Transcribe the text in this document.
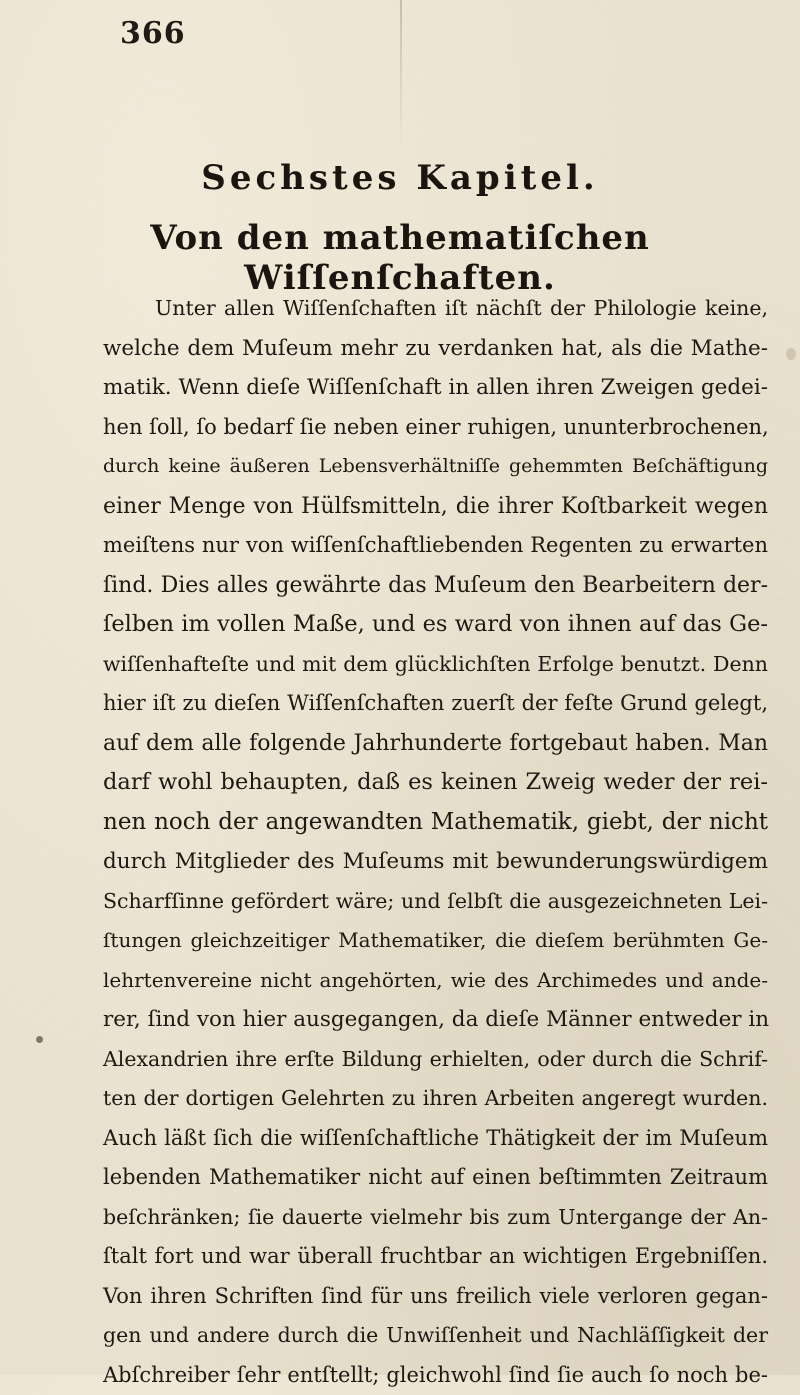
366
Sechstes Kapitel.
Von den mathematiſchen Wiſſenſchaften.
Unter allen Wiſſenſchaften iſt nächſt der Philologie keine,
welche dem Muſeum mehr zu verdanken hat, als die Mathe-
matik. Wenn dieſe Wiſſenſchaft in allen ihren Zweigen gedei-
hen ſoll, ſo bedarf ſie neben einer ruhigen, ununterbrochenen,
durch keine äußeren Lebensverhältniſſe gehemmten Beſchäftigung
einer Menge von Hülfsmitteln, die ihrer Koſtbarkeit wegen
meiſtens nur von wiſſenſchaftliebenden Regenten zu erwarten
ſind. Dies alles gewährte das Muſeum den Bearbeitern der-
ſelben im vollen Maße, und es ward von ihnen auf das Ge-
wiſſenhafteſte und mit dem glücklichſten Erfolge benutzt. Denn
hier iſt zu dieſen Wiſſenſchaften zuerſt der feſte Grund gelegt,
auf dem alle folgende Jahrhunderte fortgebaut haben. Man
darf wohl behaupten, daß es keinen Zweig weder der rei-
nen noch der angewandten Mathematik, giebt, der nicht
durch Mitglieder des Muſeums mit bewunderungswürdigem
Scharfſinne gefördert wäre; und ſelbſt die ausgezeichneten Lei-
ſtungen gleichzeitiger Mathematiker, die dieſem berühmten Ge-
lehrtenvereine nicht angehörten, wie des Archimedes und ande-
rer, ſind von hier ausgegangen, da dieſe Männer entweder in
Alexandrien ihre erſte Bildung erhielten, oder durch die Schrif-
ten der dortigen Gelehrten zu ihren Arbeiten angeregt wurden.
Auch läßt ſich die wiſſenſchaftliche Thätigkeit der im Muſeum
lebenden Mathematiker nicht auf einen beſtimmten Zeitraum
beſchränken; ſie dauerte vielmehr bis zum Untergange der An-
ſtalt fort und war überall fruchtbar an wichtigen Ergebniſſen.
Von ihren Schriften ſind für uns freilich viele verloren gegan-
gen und andere durch die Unwiſſenheit und Nachläſſigkeit der
Abſchreiber ſehr entſtellt; gleichwohl ſind ſie auch ſo noch be-
